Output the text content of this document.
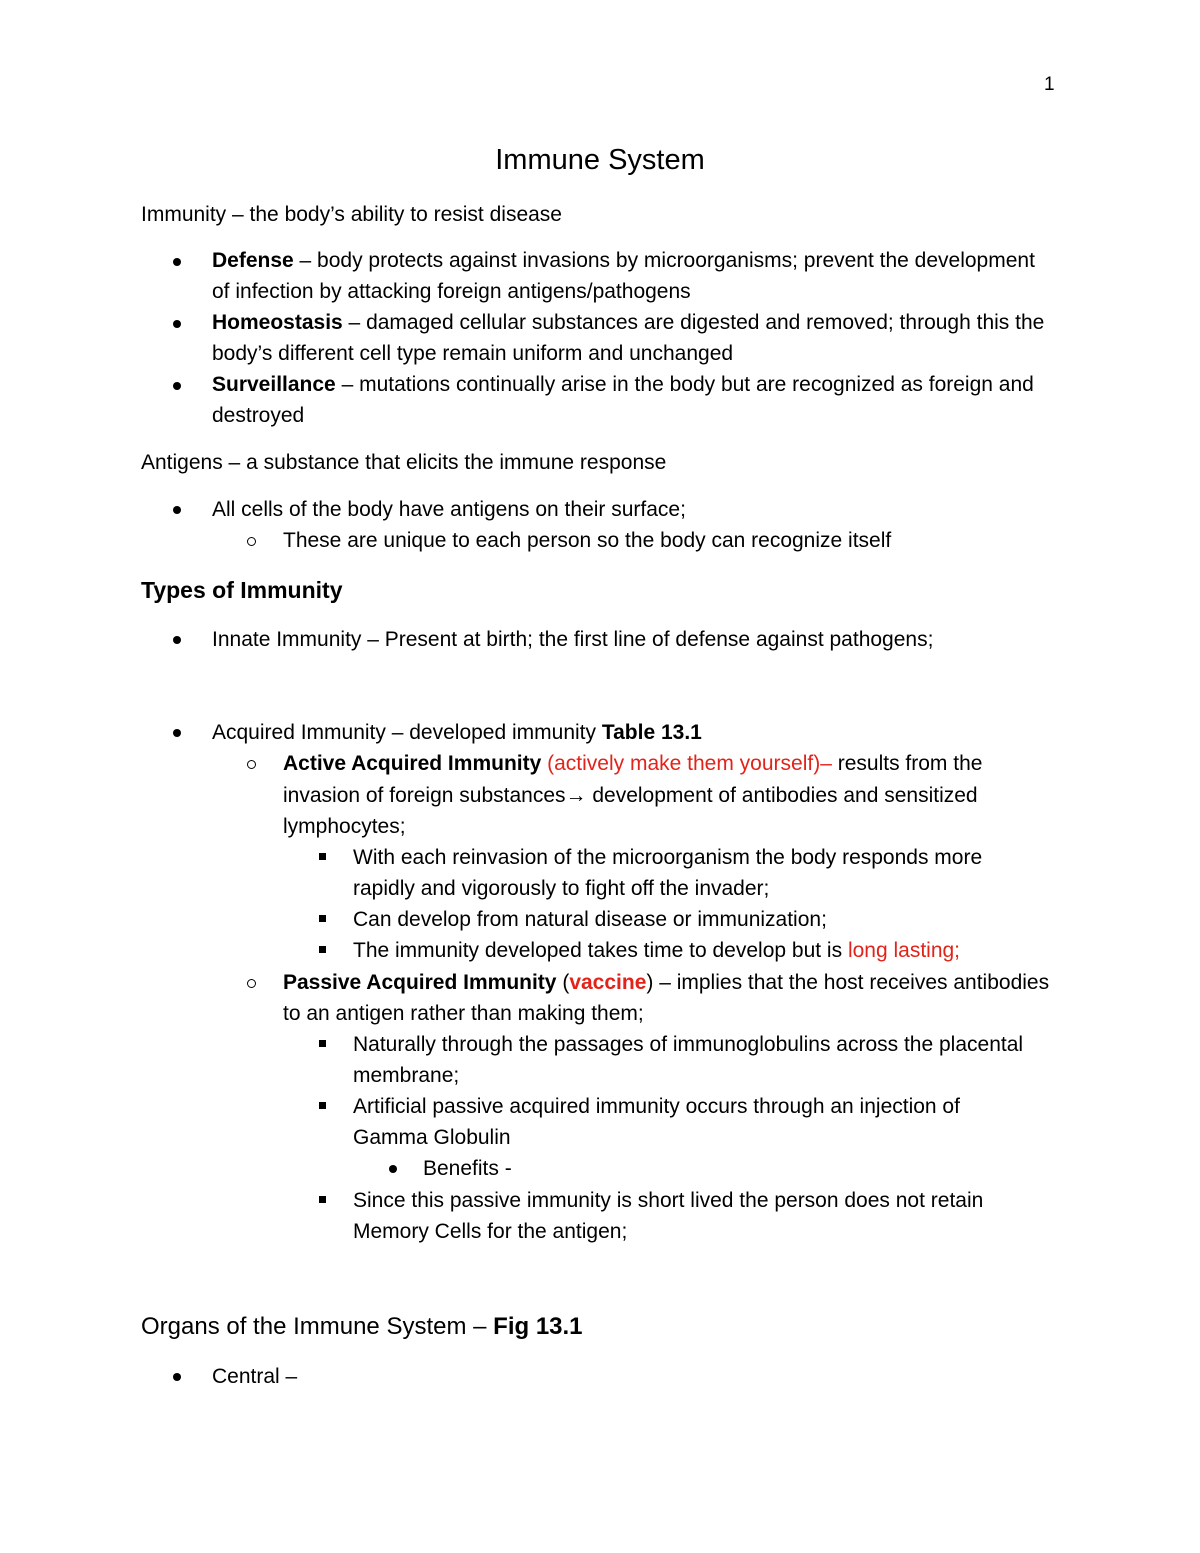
1
Immune System
Immunity – the body’s ability to resist disease
Defense – body protects against invasions by microorganisms; prevent the development
of infection by attacking foreign antigens/pathogens
Homeostasis – damaged cellular substances are digested and removed; through this the
body’s different cell type remain uniform and unchanged
Surveillance – mutations continually arise in the body but are recognized as foreign and
destroyed
Antigens – a substance that elicits the immune response
All cells of the body have antigens on their surface;
These are unique to each person so the body can recognize itself
Types of Immunity
Innate Immunity – Present at birth; the first line of defense against pathogens;
Acquired Immunity – developed immunity Table 13.1
Active Acquired Immunity (actively make them yourself)– results from the
invasion of foreign substances→ development of antibodies and sensitized
lymphocytes;
With each reinvasion of the microorganism the body responds more
rapidly and vigorously to fight off the invader;
Can develop from natural disease or immunization;
The immunity developed takes time to develop but is long lasting;
Passive Acquired Immunity (vaccine) – implies that the host receives antibodies
to an antigen rather than making them;
Naturally through the passages of immunoglobulins across the placental
membrane;
Artificial passive acquired immunity occurs through an injection of
Gamma Globulin
Benefits -
Since this passive immunity is short lived the person does not retain
Memory Cells for the antigen;
Organs of the Immune System – Fig 13.1
Central –
